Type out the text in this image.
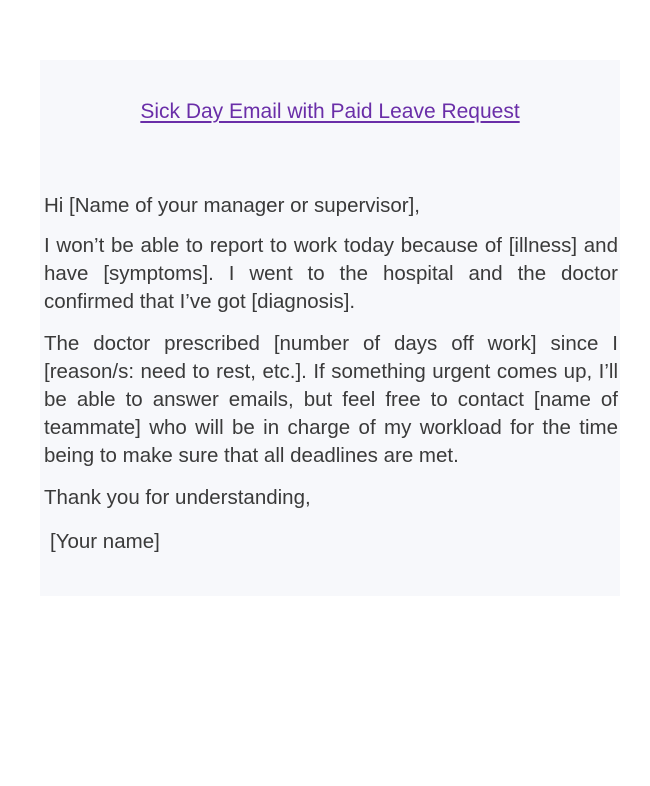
Sick Day Email with Paid Leave Request

Hi [Name of your manager or supervisor],

I won’t be able to report to work today because of [illness] and have [symptoms]. I went to the hospital and the doctor confirmed that I’ve got [diagnosis].

The doctor prescribed [number of days off work] since I [reason/s: need to rest, etc.]. If something urgent comes up, I’ll be able to answer emails, but feel free to contact [name of teammate] who will be in charge of my workload for the time being to make sure that all deadlines are met.

Thank you for understanding,

[Your name]
